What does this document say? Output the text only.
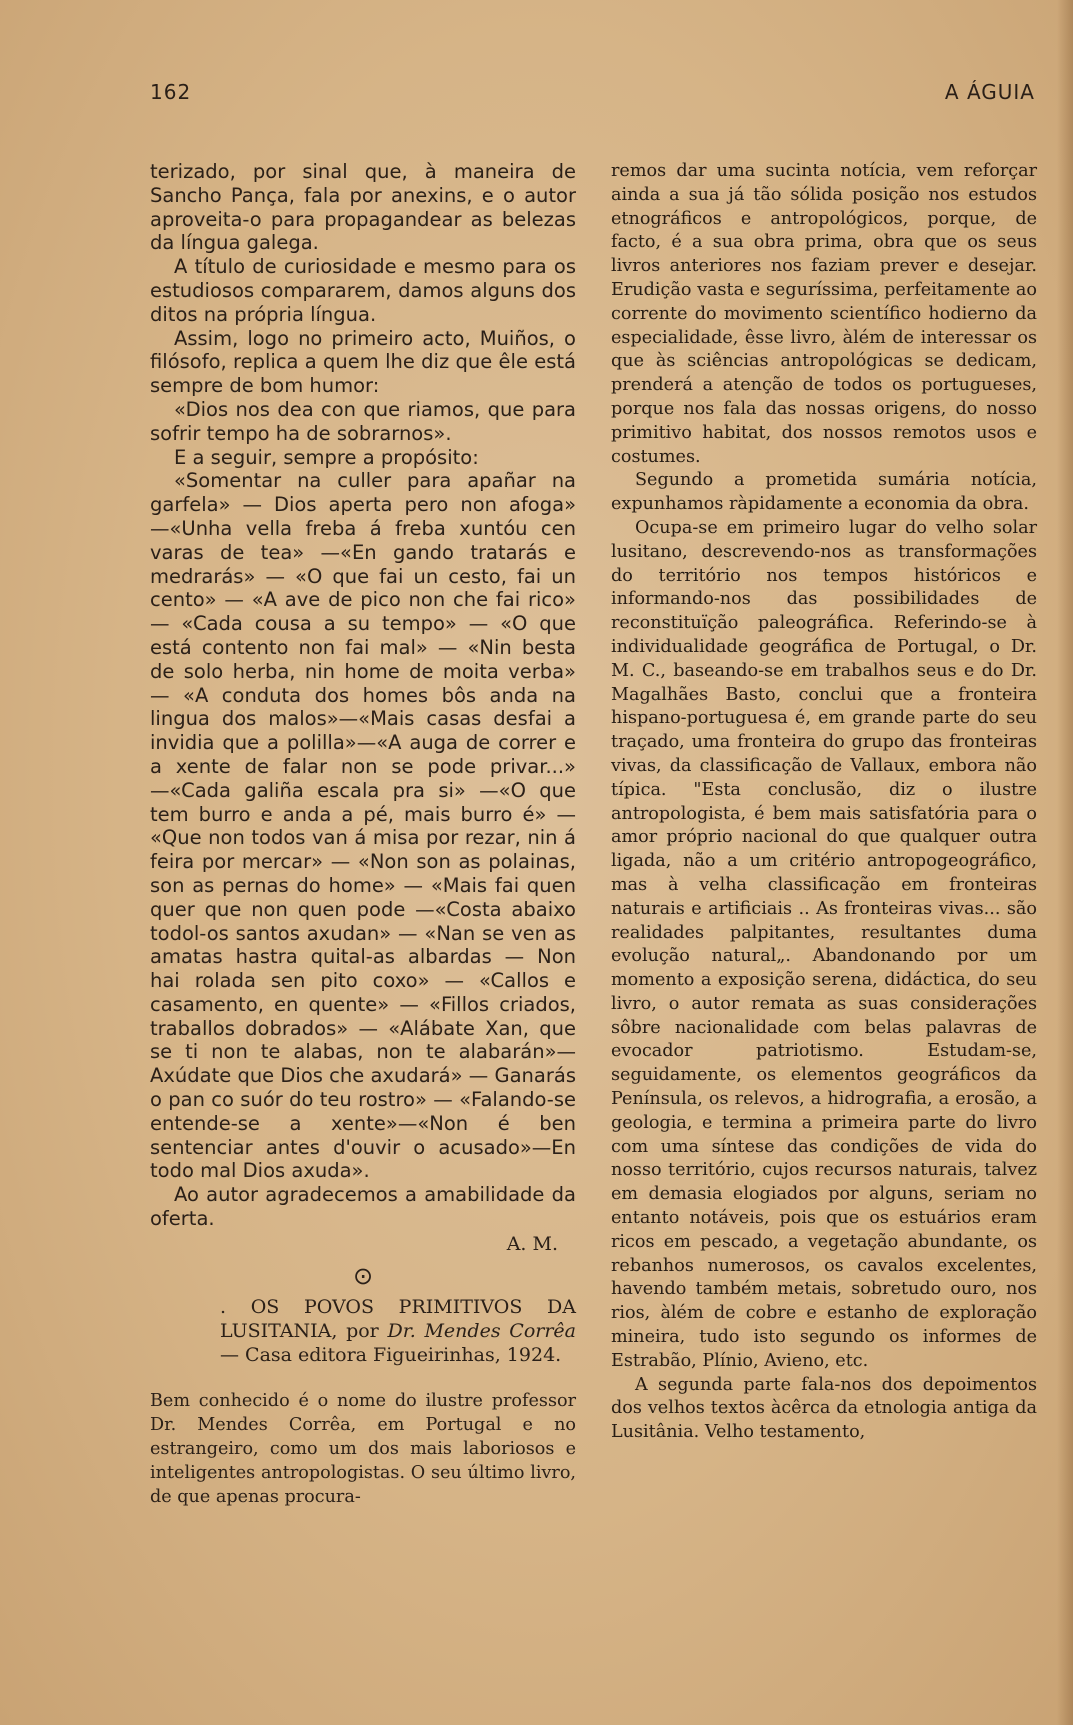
162	A ÁGUIA

terizado, por sinal que, à maneira de Sancho Pança, fala por anexins, e o autor aproveita-o para propagandear as belezas da língua galega.

A título de curiosidade e mesmo para os estudiosos compararem, damos alguns dos ditos na própria língua.

Assim, logo no primeiro acto, Muiños, o filósofo, replica a quem lhe diz que êle está sempre de bom humor:

«Dios nos dea con que riamos, que para sofrir tempo ha de sobrarnos».

E a seguir, sempre a propósito:

«Somentar na culler para apañar na garfela» — Dios aperta pero non afoga» —«Unha vella freba á freba xuntóu cen varas de tea» —«En gando tratarás e medrarás» — «O que fai un cesto, fai un cento» — «A ave de pico non che fai rico» — «Cada cousa a su tempo» — «O que está contento non fai mal» — «Nin besta de solo herba, nin home de moita verba» — «A conduta dos homes bôs anda na lingua dos malos»—«Mais casas desfai a invidia que a polilla»—«A auga de correr e a xente de falar non se pode privar...» —«Cada galiña escala pra si» —«O que tem burro e anda a pé, mais burro é» — «Que non todos van á misa por rezar, nin á feira por mercar» — «Non son as polainas, son as pernas do home» — «Mais fai quen quer que non quen pode —«Costa abaixo todol-os santos axudan» — «Nan se ven as amatas hastra quital-as albardas — Non hai rolada sen pito coxo» — «Callos e casamento, en quente» — «Fillos criados, traballos dobrados» — «Alábate Xan, que se ti non te alabas, non te alabarán»—Axúdate que Dios che axudará» — Ganarás o pan co suór do teu rostro» — «Falando-se entende-se a xente»—«Non é ben sentenciar antes d'ouvir o acusado»—En todo mal Dios axuda».

Ao autor agradecemos a amabilidade da oferta.

A. M.
⊙

. OS POVOS PRIMITIVOS DA LUSITANIA, por Dr. Mendes Corrêa — Casa editora Figueirinhas, 1924.

Bem conhecido é o nome do ilustre professor Dr. Mendes Corrêa, em Portugal e no estrangeiro, como um dos mais laboriosos e inteligentes antropologistas. O seu último livro, de que apenas procura-

remos dar uma sucinta notícia, vem reforçar ainda a sua já tão sólida posição nos estudos etnográficos e antropológicos, porque, de facto, é a sua obra prima, obra que os seus livros anteriores nos faziam prever e desejar. Erudição vasta e seguríssima, perfeitamente ao corrente do movimento scientífico hodierno da especialidade, êsse livro, àlém de interessar os que às sciências antropológicas se dedicam, prenderá a atenção de todos os portugueses, porque nos fala das nossas origens, do nosso primitivo habitat, dos nossos remotos usos e costumes.

Segundo a prometida sumária notícia, expunhamos ràpidamente a economia da obra.

Ocupa-se em primeiro lugar do velho solar lusitano, descrevendo-nos as transformações do território nos tempos históricos e informando-nos das possibilidades de reconstituïção paleográfica. Referindo-se à individualidade geográfica de Portugal, o Dr. M. C., baseando-se em trabalhos seus e do Dr. Magalhães Basto, conclui que a fronteira hispano-portuguesa é, em grande parte do seu traçado, uma fronteira do grupo das fronteiras vivas, da classificação de Vallaux, embora não típica. "Esta conclusão, diz o ilustre antropologista, é bem mais satisfatória para o amor próprio nacional do que qualquer outra ligada, não a um critério antropogeográfico, mas à velha classificação em fronteiras naturais e artificiais .. As fronteiras vivas... são realidades palpitantes, resultantes duma evolução natural„. Abandonando por um momento a exposição serena, didáctica, do seu livro, o autor remata as suas considerações sôbre nacionalidade com belas palavras de evocador patriotismo. Estudam-se, seguidamente, os elementos geográficos da Península, os relevos, a hidrografia, a erosão, a geologia, e termina a primeira parte do livro com uma síntese das condições de vida do nosso território, cujos recursos naturais, talvez em demasia elogiados por alguns, seriam no entanto notáveis, pois que os estuários eram ricos em pescado, a vegetação abundante, os rebanhos numerosos, os cavalos excelentes, havendo também metais, sobretudo ouro, nos rios, àlém de cobre e estanho de exploração mineira, tudo isto segundo os informes de Estrabão, Plínio, Avieno, etc.

A segunda parte fala-nos dos depoimentos dos velhos textos àcêrca da etnologia antiga da Lusitânia. Velho testamento,
